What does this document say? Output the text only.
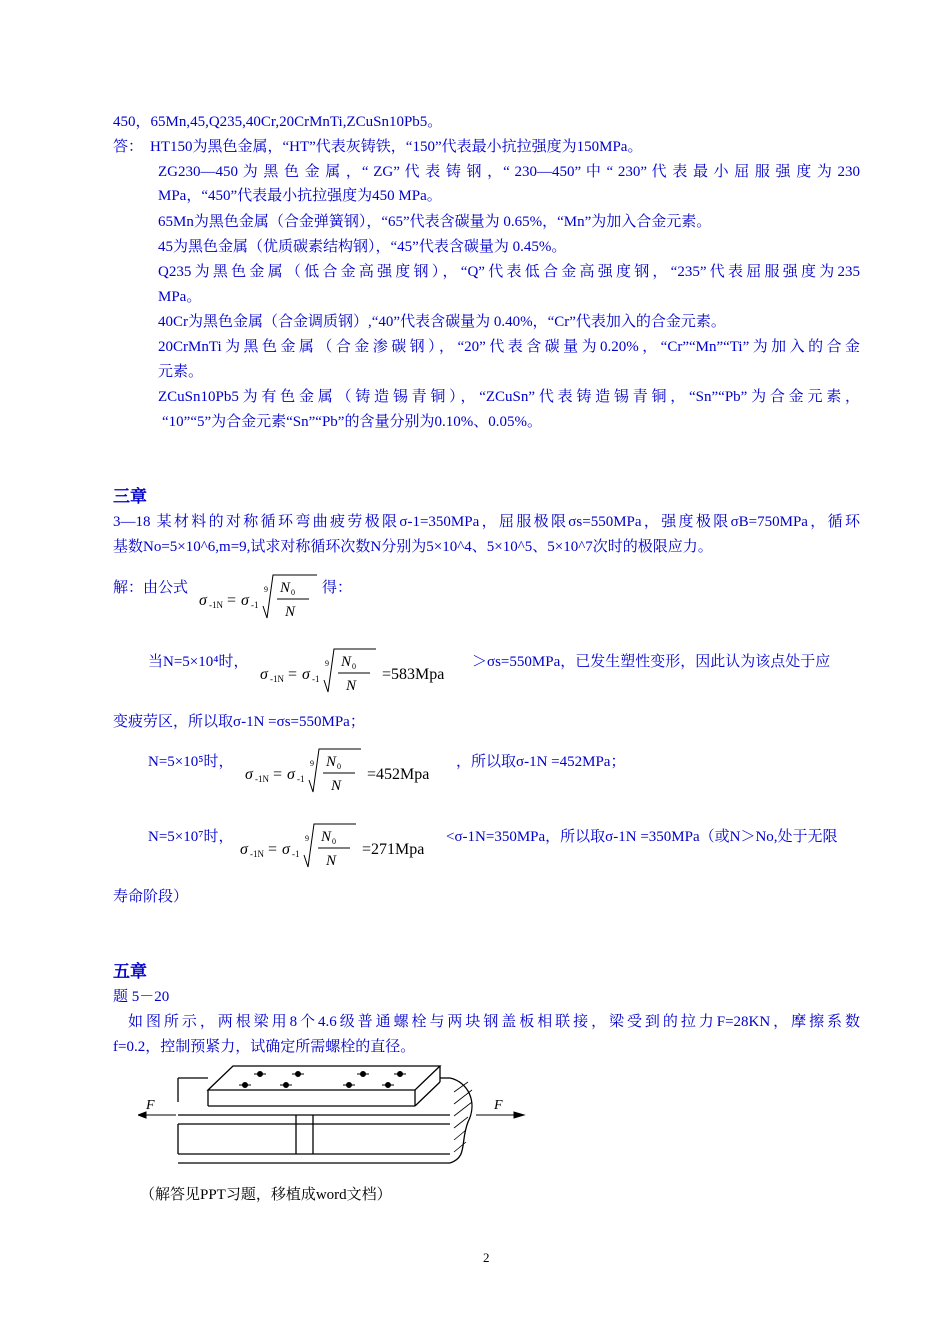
450，65Mn,45,Q235,40Cr,20CrMnTi,ZCuSn10Pb5。
答： HT150为黑色金属，“HT”代表灰铸铁，“150”代表最小抗拉强度为150MPa。
ZG230—450 为 黑 色 金 属 ，“ ZG” 代 表 铸 钢 ，“ 230—450” 中 “ 230” 代 表 最 小 屈 服 强 度 为 230
MPa，“450”代表最小抗拉强度为450 MPa。
65Mn为黑色金属（合金弹簧钢），“65”代表含碳量为 0.65%，“Mn”为加入合金元素。
45为黑色金属（优质碳素结构钢），“45”代表含碳量为 0.45%。
Q235为黑色金属（低合金高强度钢），“Q”代表低合金高强度钢，“235”代表屈服强度为235
MPa。
40Cr为黑色金属（合金调质钢）,“40”代表含碳量为 0.40%，“Cr”代表加入的合金元素。
20CrMnTi为黑色金属（合金渗碳钢），“20”代表含碳量为0.20%，“Cr”“Mn”“Ti”为加入的合金
元素。
ZCuSn10Pb5为有色金属（铸造锡青铜），“ZCuSn”代表铸造锡青铜，“Sn”“Pb”为合金元素，
“10”“5”为合金元素“Sn”“Pb”的含量分别为0.10%、0.05%。
三章
3—18 某材料的对称循环弯曲疲劳极限σ-1=350MPa，屈服极限σs=550MPa，强度极限σB=750MPa，循环
基数No=5×10^6,m=9,试求对称循环次数N分别为5×10^4、5×10^5、5×10^7次时的极限应力。
解：由公式
σ -1N = σ -1
9 N 0
N
得：
当N=5×10⁴时，
σ -1N = σ -1
9 N 0
N
=583Mpa
＞σs=550MPa，已发生塑性变形，因此认为该点处于应
变疲劳区，所以取σ-1N =σs=550MPa；
N=5×10⁵时，
σ -1N = σ -1
9 N 0
N
=452Mpa
，所以取σ-1N =452MPa；
N=5×10⁷时，
σ -1N = σ -1
9 N 0
N
=271Mpa
<σ-1N=350MPa，所以取σ-1N =350MPa（或N＞No,处于无限
寿命阶段）
五章
题 5－20
如图所示，两根梁用8个4.6级普通螺栓与两块钢盖板相联接，梁受到的拉力F=28KN，摩擦系数
f=0.2，控制预紧力，试确定所需螺栓的直径。
F	F
（解答见PPT习题，移植成word文档）
2
